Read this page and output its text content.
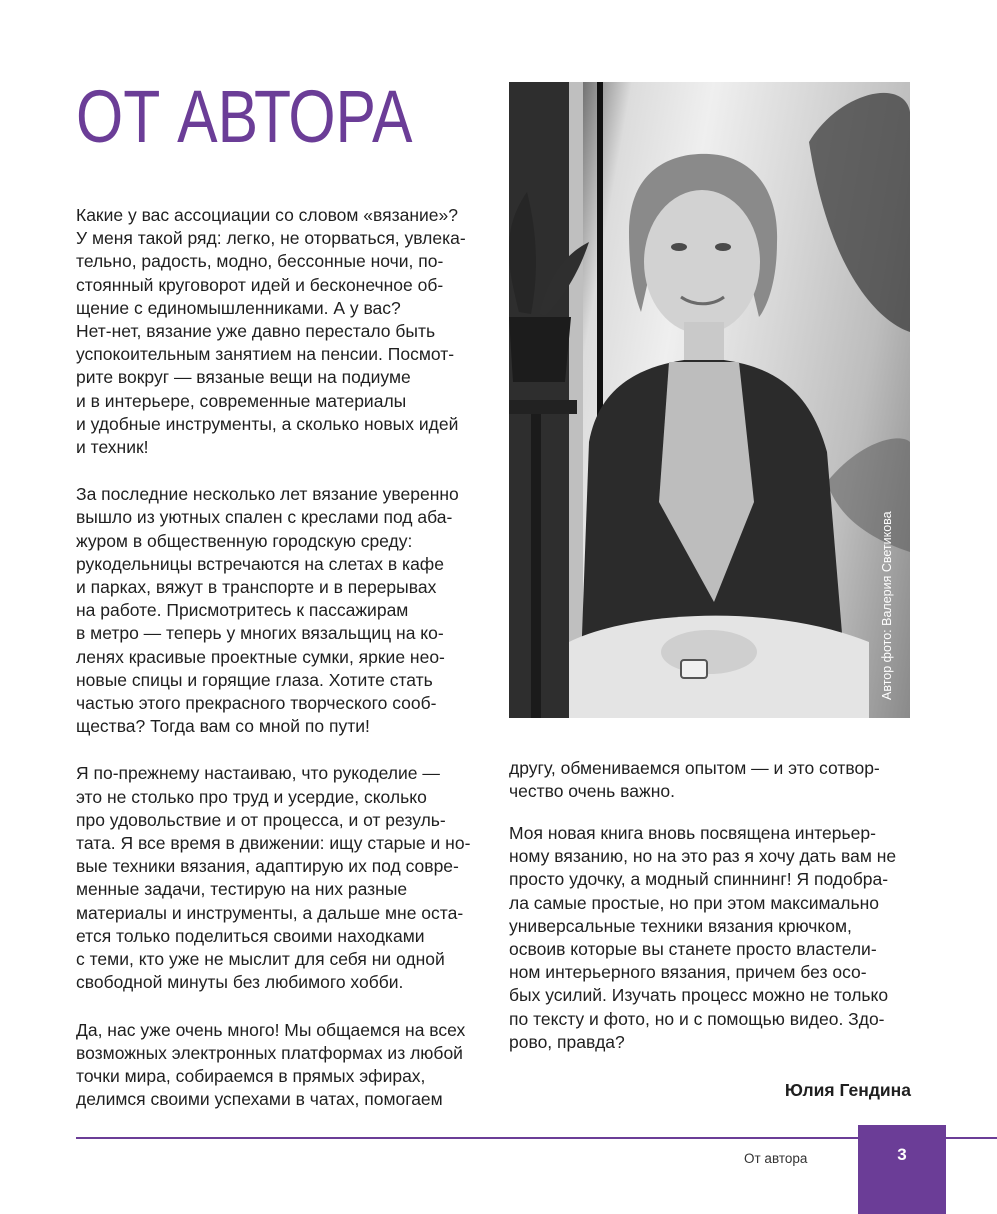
ОТ АВТОРА

Какие у вас ассоциации со словом «вязание»?
У меня такой ряд: легко, не оторваться, увлека-
тельно, радость, модно, бессонные ночи, по-
стоянный круговорот идей и бесконечное об-
щение с единомышленниками. А у вас?
Нет-нет, вязание уже давно перестало быть
успокоительным занятием на пенсии. Посмот-
рите вокруг — вязаные вещи на подиуме
и в интерьере, современные материалы
и удобные инструменты, а сколько новых идей
и техник!

За последние несколько лет вязание уверенно
вышло из уютных спален с креслами под аба-
журом в общественную городскую среду:
рукодельницы встречаются на слетах в кафе
и парках, вяжут в транспорте и в перерывах
на работе. Присмотритесь к пассажирам
в метро — теперь у многих вязальщиц на ко-
ленях красивые проектные сумки, яркие нео-
новые спицы и горящие глаза. Хотите стать
частью этого прекрасного творческого сооб-
щества? Тогда вам со мной по пути!

Я по-прежнему настаиваю, что рукоделие —
это не столько про труд и усердие, сколько
про удовольствие и от процесса, и от резуль-
тата. Я все время в движении: ищу старые и но-
вые техники вязания, адаптирую их под совре-
менные задачи, тестирую на них разные
материалы и инструменты, а дальше мне оста-
ется только поделиться своими находками
с теми, кто уже не мыслит для себя ни одной
свободной минуты без любимого хобби.

Да, нас уже очень много! Мы общаемся на всех
возможных электронных платформах из любой
точки мира, собираемся в прямых эфирах,
делимся своими успехами в чатах, помогаем

Автор фото: Валерия Светикова

другу, обмениваемся опытом — и это сотвор-
чество очень важно.

Моя новая книга вновь посвящена интерьер-
ному вязанию, но на это раз я хочу дать вам не
просто удочку, а модный спиннинг! Я подобра-
ла самые простые, но при этом максимально
универсальные техники вязания крючком,
освоив которые вы станете просто властели-
ном интерьерного вязания, причем без осо-
бых усилий. Изучать процесс можно не только
по тексту и фото, но и с помощью видео. Здо-
рово, правда?

Юлия Гендина
От автора	3
